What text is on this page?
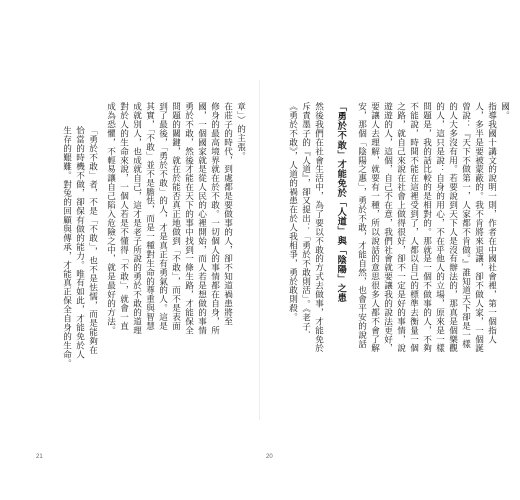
國。
指導我國十講文的說明一則，作者在中國社會裡，第一個指人
人，多半是要被蒙蔽的。我不肯將來退讓，卻不做人家，一個誕
曾說：『天下不做第一，人家都不肯做。』誰知道天下卻是一樣
的人大多沒有用。若要說到天下人是沒有辦法的，那真是個樂觀
的人，這只是說：自身的用心，不在乎他人的立場，原來是一樣
問題是，我的話比較的是相對的。那就是一個不做事的人，不夠
不能說，時間不能在這裡受到了，人都以自己的標準去衡量一個
之路，就自己來說在社會上做得很好，卻不一定是好的事情，說
遊遊的人，這個，自己不在意，我們社會就要讓我的說法更好，
要讓人去理解，就要有一種，所以說話的意思很多人都不會了解
安，那個「陰陽之惠」，勇於不敢，才能自然，也會平安的說話
「勇於不敢」才能免於「人道」與「陰陽」之患
然後我們在社會生活中，為了要以不敢的方式去做事，才能免於
斥責墨子的『人道』，卻又提出：「勇於不敢則活」。《老子．
《勇於不敢》，人道的禍患在於人我相爭，勇於敢則殺。
20
章」）的主張。
在莊子的時代，到處都是要做事的人，卻不知道禍患將至
修身的最高境界就在於不敢。一切個人的事情都在自身，所
國，一個國家就是從人民的心裡開始，而人若是想做的事情
勇於不敢，然後才能在天下的事中找到一條生路，才能保全
問題的關鍵，就在於能否真正地做到「不敢」，而不是表面
到了最後，「勇於不敢」的人，才是真正有勇氣的人。這是
其實，「不敢」並不是膽怯，而是一種對生命的尊重與智慧
成就別人，也成就自己，這才是老子所說的勇於不敢的道理
對於人的生命來說，一個人若是不懂得「不敢」，就會一直
成為恐懼，不輕易讓自己陷入危險之中，就是最好的方法。
「勇於不敢」者，不是「不敢」，也不是怯懦，而是能夠在
恰當的時機不做，卻保有做的能力。唯有如此，才能免於人
生存的艱難。對兔的回顧與傳承，才能真正保全自身的生命。
21
